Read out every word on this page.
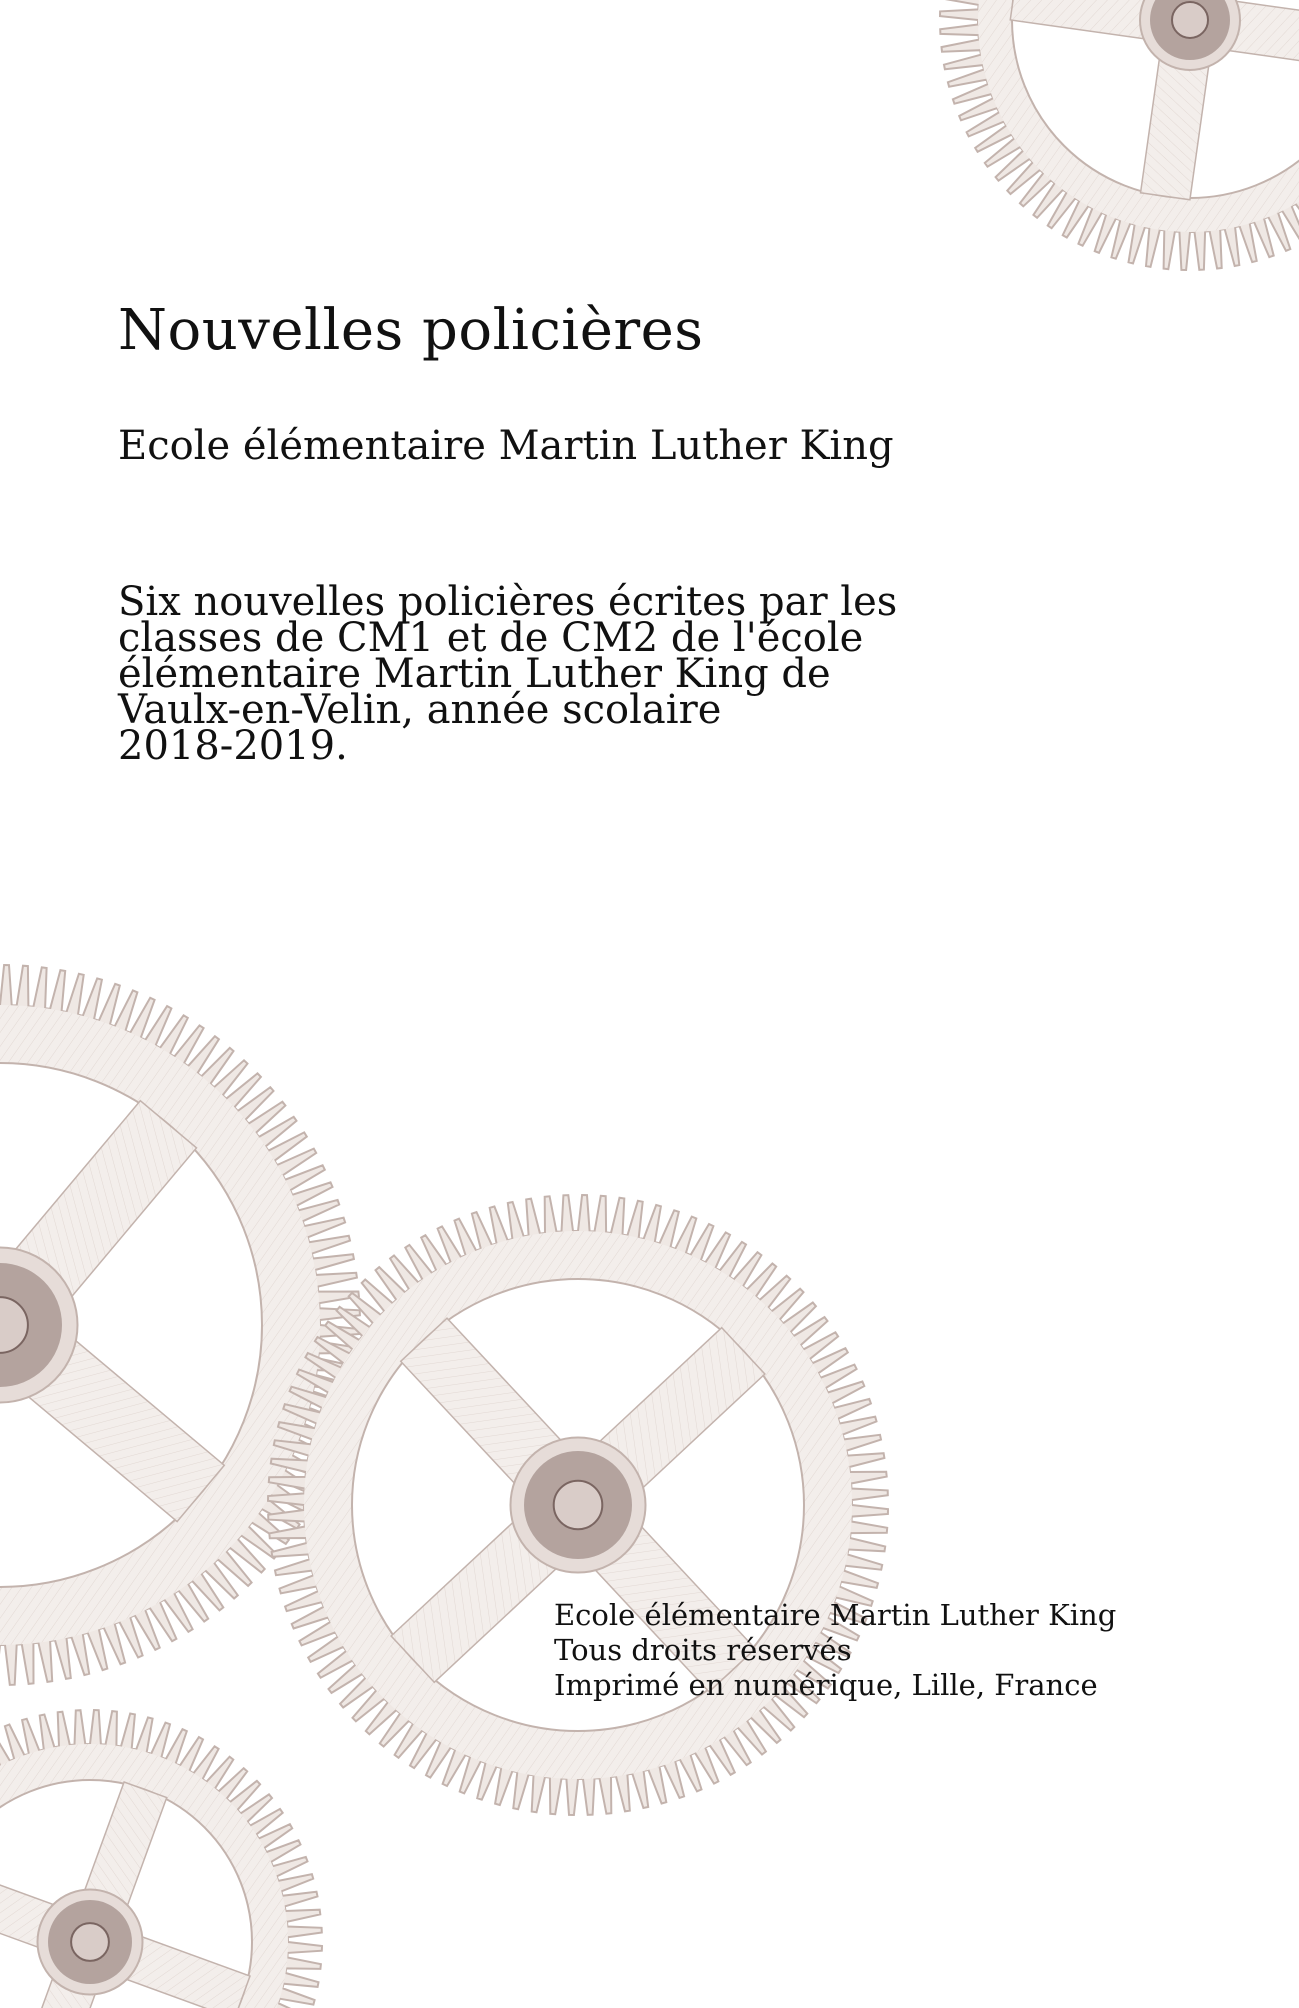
Nouvelles policières
Ecole élémentaire Martin Luther King
Six nouvelles policières écrites par les
classes de CM1 et de CM2 de l'école
élémentaire Martin Luther King de
Vaulx-en-Velin, année scolaire
2018-2019.
Ecole élémentaire Martin Luther King
Tous droits réservés
Imprimé en numérique, Lille, France
